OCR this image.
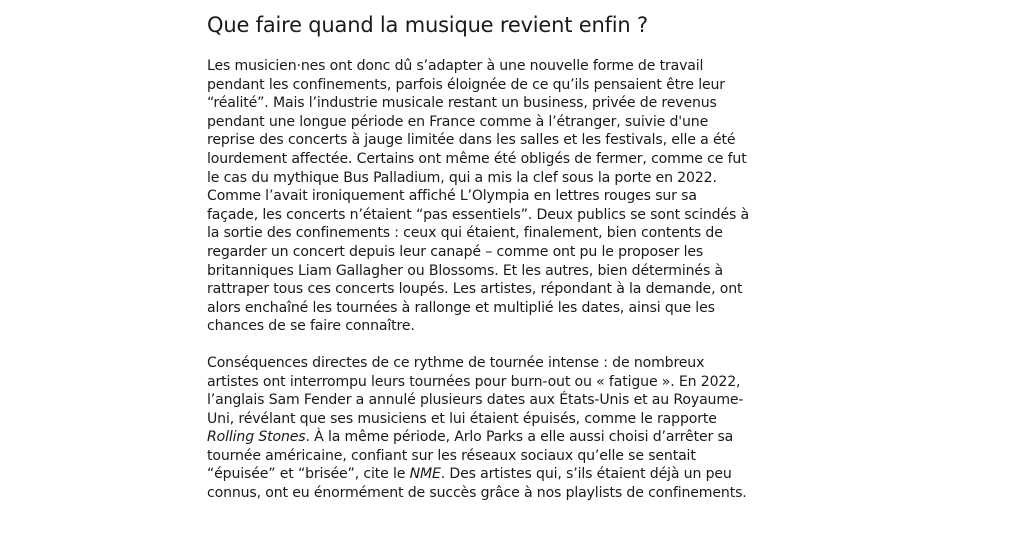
Que faire quand la musique revient enfin ?

Les musicien·nes ont donc dû s’adapter à une nouvelle forme de travail pendant les confinements, parfois éloignée de ce qu’ils pensaient être leur “réalité”. Mais l’industrie musicale restant un business, privée de revenus pendant une longue période en France comme à l’étranger, suivie d'une reprise des concerts à jauge limitée dans les salles et les festivals, elle a été lourdement affectée. Certains ont même été obligés de fermer, comme ce fut le cas du mythique Bus Palladium, qui a mis la clef sous la porte en 2022. Comme l’avait ironiquement affiché L’Olympia en lettres rouges sur sa façade, les concerts n’étaient “pas essentiels”. Deux publics se sont scindés à la sortie des confinements : ceux qui étaient, finalement, bien contents de regarder un concert depuis leur canapé – comme ont pu le proposer les britanniques Liam Gallagher ou Blossoms. Et les autres, bien déterminés à rattraper tous ces concerts loupés. Les artistes, répondant à la demande, ont alors enchaîné les tournées à rallonge et multiplié les dates, ainsi que les chances de se faire connaître.

Conséquences directes de ce rythme de tournée intense : de nombreux artistes ont interrompu leurs tournées pour burn-out ou « fatigue ». En 2022, l’anglais Sam Fender a annulé plusieurs dates aux États-Unis et au Royaume-Uni, révélant que ses musiciens et lui étaient épuisés, comme le rapporte Rolling Stones. À la même période, Arlo Parks a elle aussi choisi d’arrêter sa tournée américaine, confiant sur les réseaux sociaux qu’elle se sentait “épuisée” et “brisée”, cite le NME. Des artistes qui, s’ils étaient déjà un peu connus, ont eu énormément de succès grâce à nos playlists de confinements.
